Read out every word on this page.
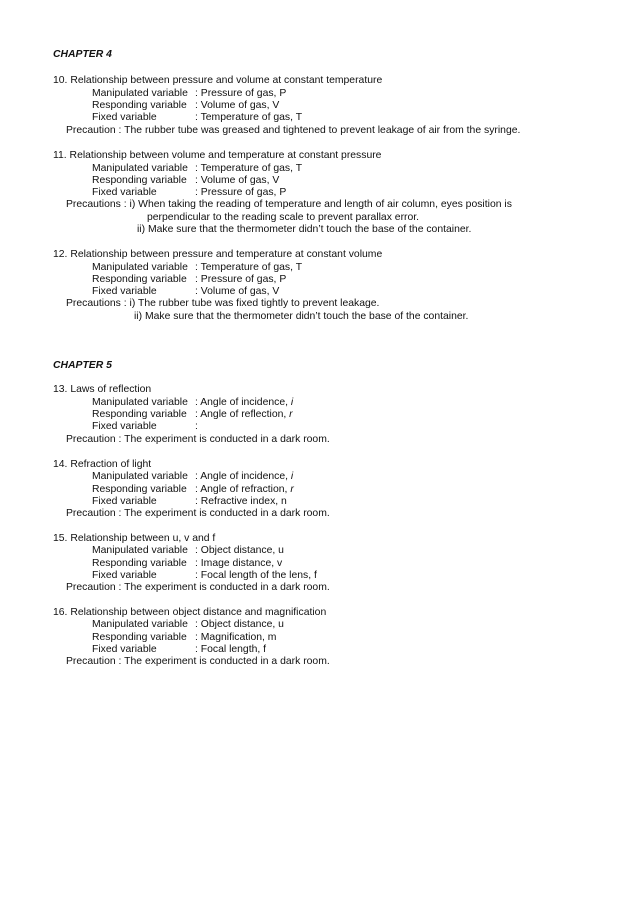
CHAPTER 4
10. Relationship between pressure and volume at constant temperature
Manipulated variable : Pressure of gas, P
Responding variable : Volume of gas, V
Fixed variable	: Temperature of gas, T
Precaution : The rubber tube was greased and tightened to prevent leakage of air from the syringe.
11. Relationship between volume and temperature at constant pressure
Manipulated variable : Temperature of gas, T
Responding variable : Volume of gas, V
Fixed variable	: Pressure of gas, P
Precautions : i) When taking the reading of temperature and length of air column, eyes position is
perpendicular to the reading scale to prevent parallax error.
ii) Make sure that the thermometer didn’t touch the base of the container.
12. Relationship between pressure and temperature at constant volume
Manipulated variable : Temperature of gas, T
Responding variable : Pressure of gas, P
Fixed variable	: Volume of gas, V
Precautions : i) The rubber tube was fixed tightly to prevent leakage.
ii) Make sure that the thermometer didn’t touch the base of the container.
CHAPTER 5
13. Laws of reflection
Manipulated variable : Angle of incidence, i
Responding variable : Angle of reflection, r
Fixed variable	:
Precaution : The experiment is conducted in a dark room.
14. Refraction of light
Manipulated variable : Angle of incidence, i
Responding variable : Angle of refraction, r
Fixed variable	: Refractive index, n
Precaution : The experiment is conducted in a dark room.
15. Relationship between u, v and f
Manipulated variable : Object distance, u
Responding variable : Image distance, v
Fixed variable	: Focal length of the lens, f
Precaution : The experiment is conducted in a dark room.
16. Relationship between object distance and magnification
Manipulated variable : Object distance, u
Responding variable : Magnification, m
Fixed variable	: Focal length, f
Precaution : The experiment is conducted in a dark room.
